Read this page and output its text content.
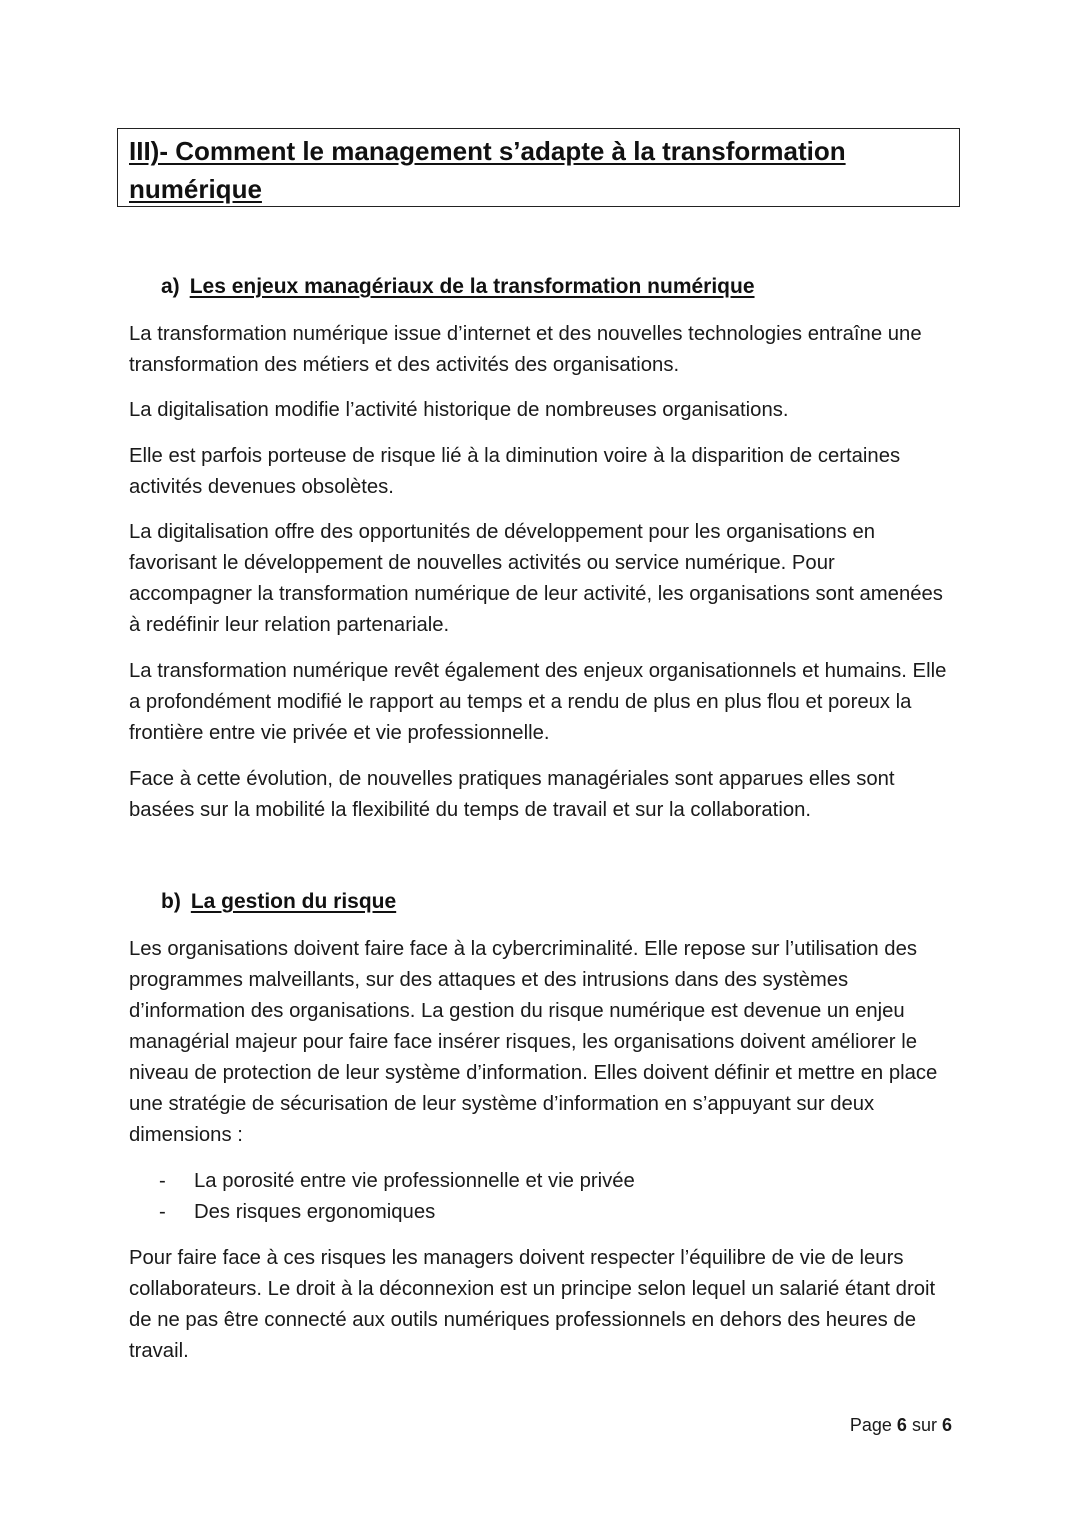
III)- Comment le management s’adapte à la transformation numérique
a) Les enjeux managériaux de la transformation numérique

La transformation numérique issue d’internet et des nouvelles technologies entraîne une transformation des métiers et des activités des organisations.

La digitalisation modifie l’activité historique de nombreuses organisations.

Elle est parfois porteuse de risque lié à la diminution voire à la disparition de certaines activités devenues obsolètes.

La digitalisation offre des opportunités de développement pour les organisations en favorisant le développement de nouvelles activités ou service numérique. Pour accompagner la transformation numérique de leur activité, les organisations sont amenées à redéfinir leur relation partenariale.

La transformation numérique revêt également des enjeux organisationnels et humains. Elle a profondément modifié le rapport au temps et a rendu de plus en plus flou et poreux la frontière entre vie privée et vie professionnelle.

Face à cette évolution, de nouvelles pratiques managériales sont apparues elles sont basées sur la mobilité la flexibilité du temps de travail et sur la collaboration.

b) La gestion du risque

Les organisations doivent faire face à la cybercriminalité. Elle repose sur l’utilisation des programmes malveillants, sur des attaques et des intrusions dans des systèmes d’information des organisations. La gestion du risque numérique est devenue un enjeu managérial majeur pour faire face insérer risques, les organisations doivent améliorer le niveau de protection de leur système d’information. Elles doivent définir et mettre en place une stratégie de sécurisation de leur système d’information en s’appuyant sur deux dimensions :

- La porosité entre vie professionnelle et vie privée
- Des risques ergonomiques

Pour faire face à ces risques les managers doivent respecter l’équilibre de vie de leurs collaborateurs. Le droit à la déconnexion est un principe selon lequel un salarié étant droit de ne pas être connecté aux outils numériques professionnels en dehors des heures de travail.

Page 6 sur 6
